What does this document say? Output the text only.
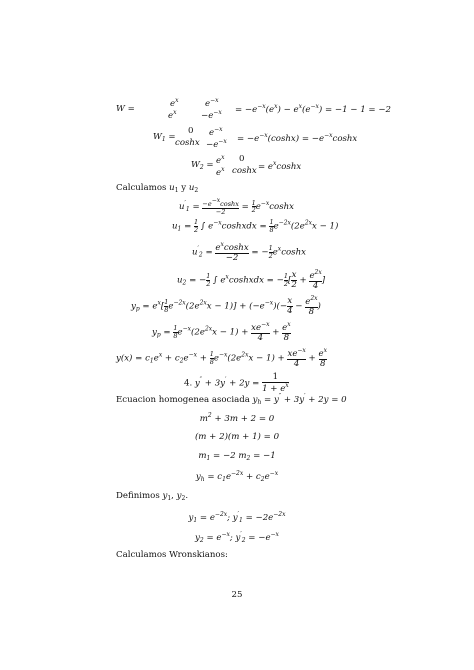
W =	$e^x$	$e^{-x}$
$e^x$	$-e^{-x} = -e^{-x}(e^x) - e^x(e^{-x}) = -1 - 1 = -2$
$W_1$ =
0 $e^{-x}$
$\cosh x -e^{-x} = -e^{-x}(\cosh x) = -e^{-x}\cosh x$
$W_2 = e^x$ 0
$e^x$ $\cosh x = e^x\cosh x$
Calculamos $u_1$ y $u_2$
$u'_1 = \frac{-e-xcoshx}{-2} = \frac{1}{2} e^{-x}\cosh x$
$u_1 = \frac{1}{2}$ ∫ $e^{-x}coshxdx = \frac{1}{8} e^{-2x}(2e^{2x}x - 1)$
$u'_2 = \frac{e^x\cosh x}{-2}$ = − $\frac{1}{2} e^x\cosh x$
$u_2$ = − $\frac{1}{2}$ ∫ $e^xcoshxdx$ = − $\frac{1}{2}$ [ $\frac{x}{2} + \frac{e^{2x}}{4}$ ]
$y_p = e^x[ \frac{1}{8} e^{-2x}(2e^{2x}x - 1)] + (-e^{-x})(- \frac{x}{4} - \frac{e^{2x}}{8}$ )
$y_p = \frac{1}{8} e^{-x}(2e^{2x}x - 1) + \frac{xe^{-x}}{4} + \frac{e^x}{8}$
$y(x) = c_1e^x + c_2e^{-x} + \frac{1}{8} e^{-x}(2e^{2x}x - 1) + \frac{xe^{-x}}{4} + \frac{e^x}{8}$
4. $y'' + 3y' + 2y = \frac{1}{1 + e^x}$
Ecuacion homogenea asociada $y_h = y'' + 3y' + 2y = 0$
$m^2 + 3m + 2 = 0$
(m + 2)(m + 1) = 0
$m_1 = -2$ $m_2 = -1$
$y_h = c_1e^{-2x} + c_2e^{-x}$
Definimos $y_1$, $y_2$.
$y_1 = e^{-2x}$; $y'_1 = -2e^{-2x}$
$y_2 = e^{-x}$; $y'_2 = -e^{-x}$
Calculamos Wronskianos:
25
